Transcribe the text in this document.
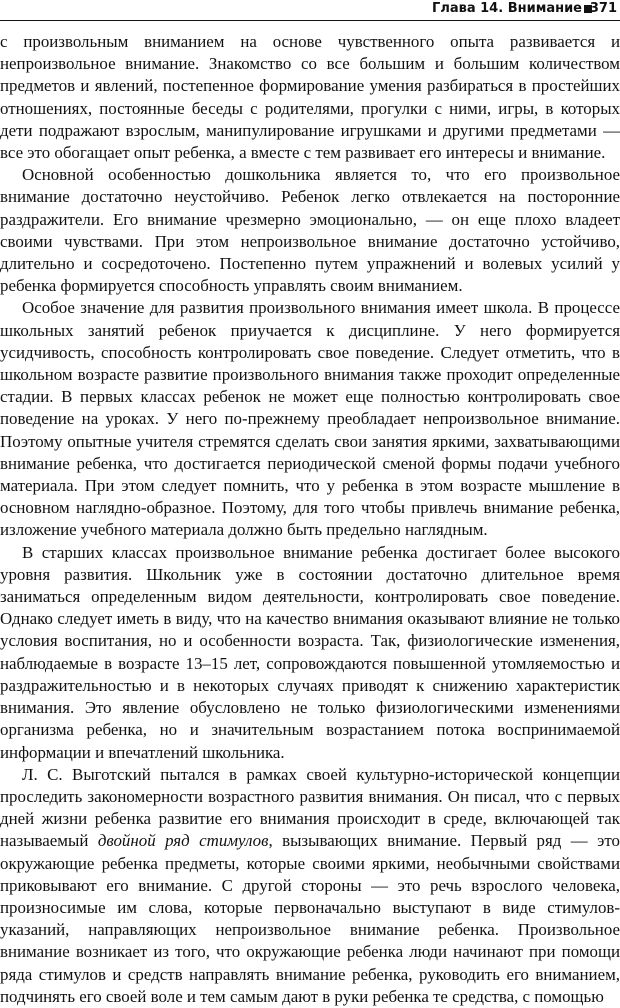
Глава 14. Внимание 371

с произвольным вниманием на основе чувственного опыта развивается и непроизвольное внимание. Знакомство со все большим и большим количеством предметов и явлений, постепенное формирование умения разбираться в простейших отношениях, постоянные беседы с родителями, прогулки с ними, игры, в которых дети подражают взрослым, манипулирование игрушками и другими предметами — все это обогащает опыт ребенка, а вместе с тем развивает его интересы и внимание.

Основной особенностью дошкольника является то, что его произвольное внимание достаточно неустойчиво. Ребенок легко отвлекается на посторонние раздражители. Его внимание чрезмерно эмоционально, — он еще плохо владеет своими чувствами. При этом непроизвольное внимание достаточно устойчиво, длительно и сосредоточено. Постепенно путем упражнений и волевых усилий у ребенка формируется способность управлять своим вниманием.

Особое значение для развития произвольного внимания имеет школа. В процессе школьных занятий ребенок приучается к дисциплине. У него формируется усидчивость, способность контролировать свое поведение. Следует отметить, что в школьном возрасте развитие произвольного внимания также проходит определенные стадии. В первых классах ребенок не может еще полностью контролировать свое поведение на уроках. У него по-прежнему преобладает непроизвольное внимание. Поэтому опытные учителя стремятся сделать свои занятия яркими, захватывающими внимание ребенка, что достигается периодической сменой формы подачи учебного материала. При этом следует помнить, что у ребенка в этом возрасте мышление в основном наглядно-образное. Поэтому, для того чтобы привлечь внимание ребенка, изложение учебного материала должно быть предельно наглядным.

В старших классах произвольное внимание ребенка достигает более высокого уровня развития. Школьник уже в состоянии достаточно длительное время заниматься определенным видом деятельности, контролировать свое поведение. Однако следует иметь в виду, что на качество внимания оказывают влияние не только условия воспитания, но и особенности возраста. Так, физиологические изменения, наблюдаемые в возрасте 13–15 лет, сопровождаются повышенной утомляемостью и раздражительностью и в некоторых случаях приводят к снижению характеристик внимания. Это явление обусловлено не только физиологическими изменениями организма ребенка, но и значительным возрастанием потока воспринимаемой информации и впечатлений школьника.

Л. С. Выготский пытался в рамках своей культурно-исторической концепции проследить закономерности возрастного развития внимания. Он писал, что с первых дней жизни ребенка развитие его внимания происходит в среде, включающей так называемый двойной ряд стимулов, вызывающих внимание. Первый ряд — это окружающие ребенка предметы, которые своими яркими, необычными свойствами приковывают его внимание. С другой стороны — это речь взрослого человека, произносимые им слова, которые первоначально выступают в виде стимулов-указаний, направляющих непроизвольное внимание ребенка. Произвольное внимание возникает из того, что окружающие ребенка люди начинают при помощи ряда стимулов и средств направлять внимание ребенка, руководить его вниманием, подчинять его своей воле и тем самым дают в руки ребенка те средства, с помощью
